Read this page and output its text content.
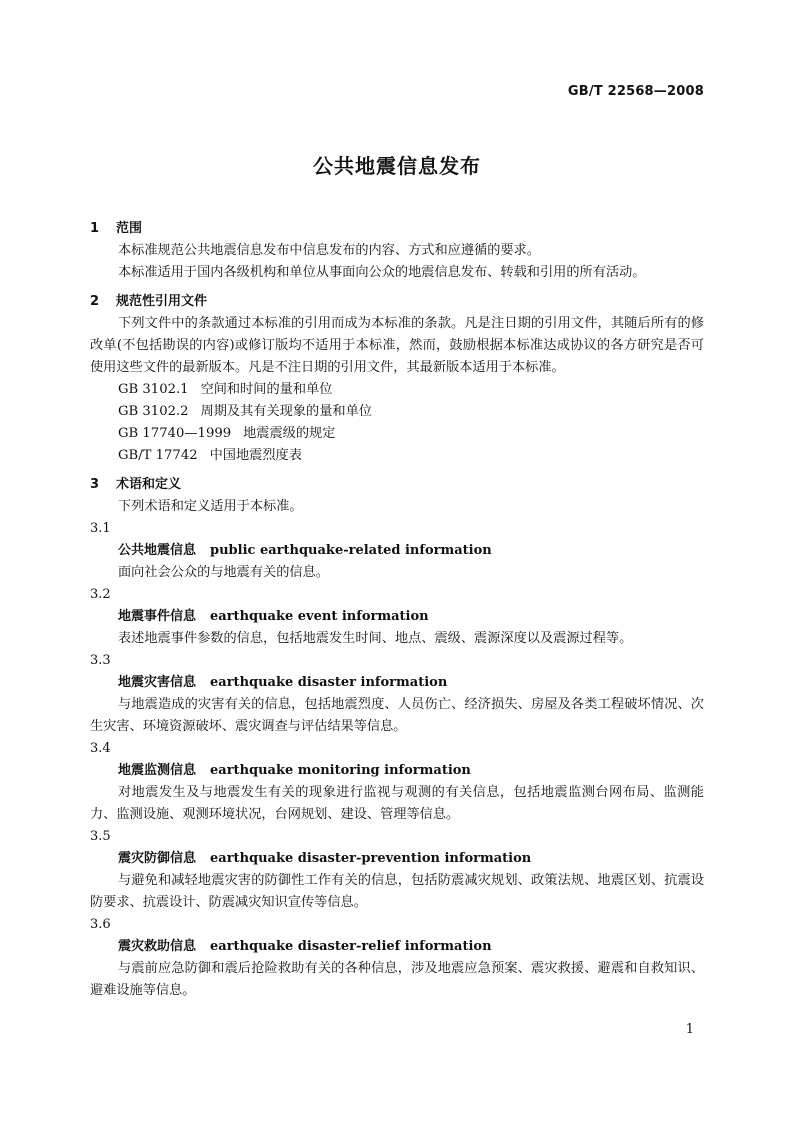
GB/T 22568—2008
公共地震信息发布
1 范围
本标准规范公共地震信息发布中信息发布的内容、方式和应遵循的要求。
本标准适用于国内各级机构和单位从事面向公众的地震信息发布、转载和引用的所有活动。
2 规范性引用文件
下列文件中的条款通过本标准的引用而成为本标准的条款。凡是注日期的引用文件，其随后所有的修改单(不包括勘误的内容)或修订版均不适用于本标准，然而，鼓励根据本标准达成协议的各方研究是否可使用这些文件的最新版本。凡是不注日期的引用文件，其最新版本适用于本标准。
GB 3102.1 空间和时间的量和单位
GB 3102.2 周期及其有关现象的量和单位
GB 17740—1999 地震震级的规定
GB/T 17742 中国地震烈度表
3 术语和定义
下列术语和定义适用于本标准。
3.1
公共地震信息 public earthquake-related information
面向社会公众的与地震有关的信息。
3.2
地震事件信息 earthquake event information
表述地震事件参数的信息，包括地震发生时间、地点、震级、震源深度以及震源过程等。
3.3
地震灾害信息 earthquake disaster information
与地震造成的灾害有关的信息，包括地震烈度、人员伤亡、经济损失、房屋及各类工程破坏情况、次生灾害、环境资源破坏、震灾调查与评估结果等信息。
3.4
地震监测信息 earthquake monitoring information
对地震发生及与地震发生有关的现象进行监视与观测的有关信息，包括地震监测台网布局、监测能力、监测设施、观测环境状况，台网规划、建设、管理等信息。
3.5
震灾防御信息 earthquake disaster-prevention information
与避免和减轻地震灾害的防御性工作有关的信息，包括防震减灾规划、政策法规、地震区划、抗震设防要求、抗震设计、防震减灾知识宣传等信息。
3.6
震灾救助信息 earthquake disaster-relief information
与震前应急防御和震后抢险救助有关的各种信息，涉及地震应急预案、震灾救援、避震和自救知识、避难设施等信息。
1
